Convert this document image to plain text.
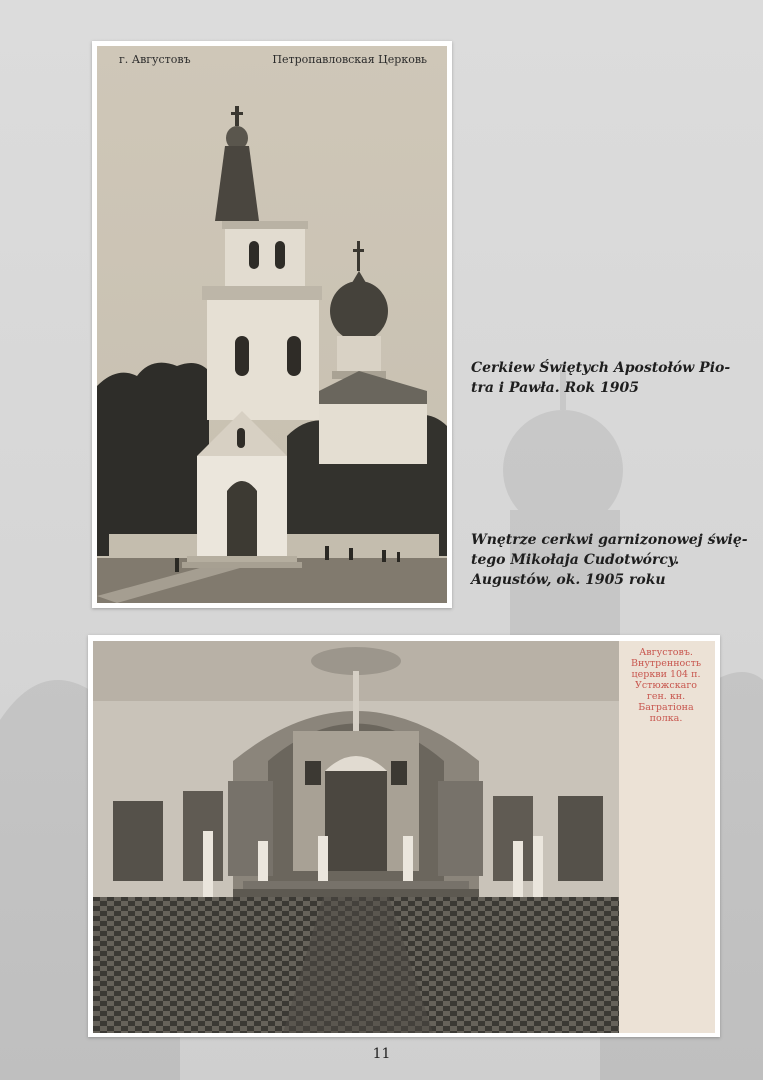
г. Августовъ	Петропавловская Церковь
Cerkiew Świętych Apostołów Pio-
tra i Pawła. Rok 1905
Wnętrze cerkwi garnizonowej świę-
tego Mikołaja Cudotwórcy.
Augustów, ok. 1905 roku
Августовъ.
Внутренность
церкви 104 п.
Устюжскаго
ген. кн.
Багратiона
полка.
11
